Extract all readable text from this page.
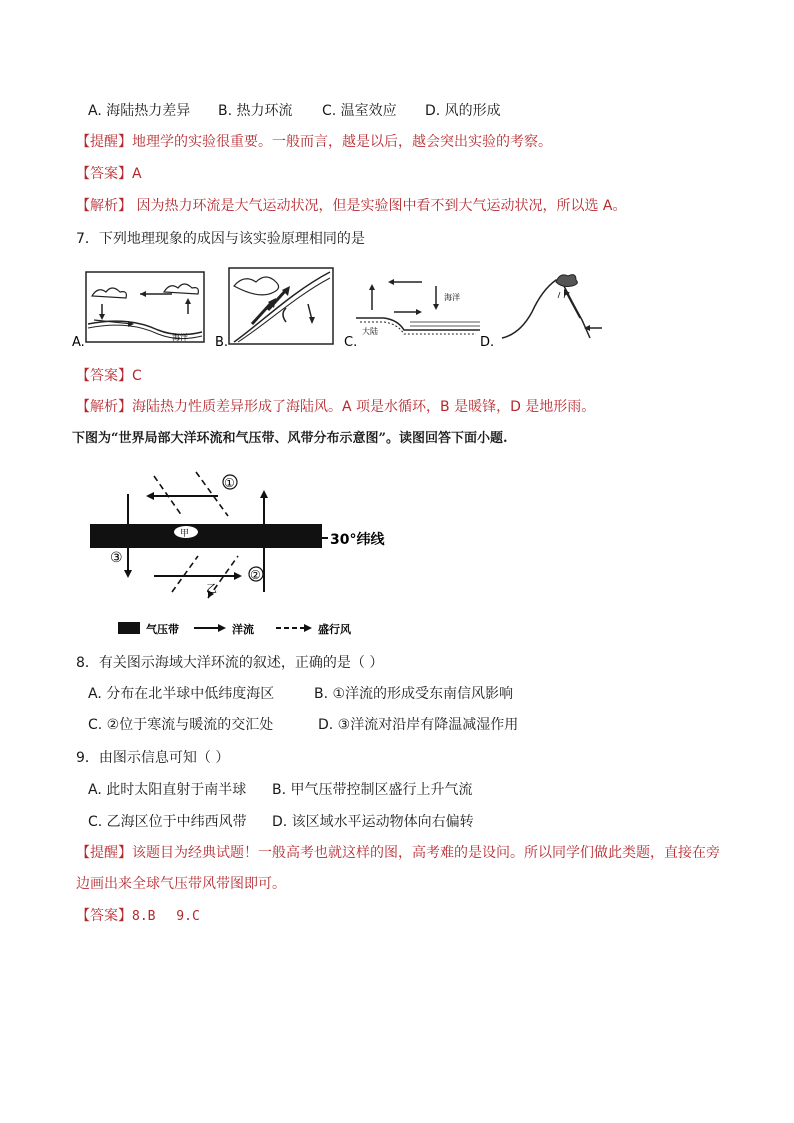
A. 海陆热力差异 B. 热力环流 C. 温室效应 D. 风的形成
【提醒】地理学的实验很重要。一般而言，越是以后，越会突出实验的考察。
【答案】A
【解析】 因为热力环流是大气运动状况，但是实验图中看不到大气运动状况，所以选 A。
7．下列地理现象的成因与该实验原理相同的是
海洋
A.	B.
海洋
大陆
C.	D.
【答案】C
【解析】海陆热力性质差异形成了海陆风。A 项是水循环，B 是暖锋，D 是地形雨。
下图为“世界局部大洋环流和气压带、风带分布示意图”。读图回答下面小题.
30°纬线
甲
①
②
③
乙
气压带	洋流	盛行风
8．有关图示海域大洋环流的叙述，正确的是（ ）
A. 分布在北半球中低纬度海区	B. ①洋流的形成受东南信风影响
C. ②位于寒流与暖流的交汇处	D. ③洋流对沿岸有降温减湿作用
9．由图示信息可知（ ）
A. 此时太阳直射于南半球 B. 甲气压带控制区盛行上升气流
C. 乙海区位于中纬西风带 D. 该区域水平运动物体向右偏转
【提醒】该题目为经典试题！一般高考也就这样的图，高考难的是设问。所以同学们做此类题，直接在旁
边画出来全球气压带风带图即可。
【答案】8.B　 9.C
